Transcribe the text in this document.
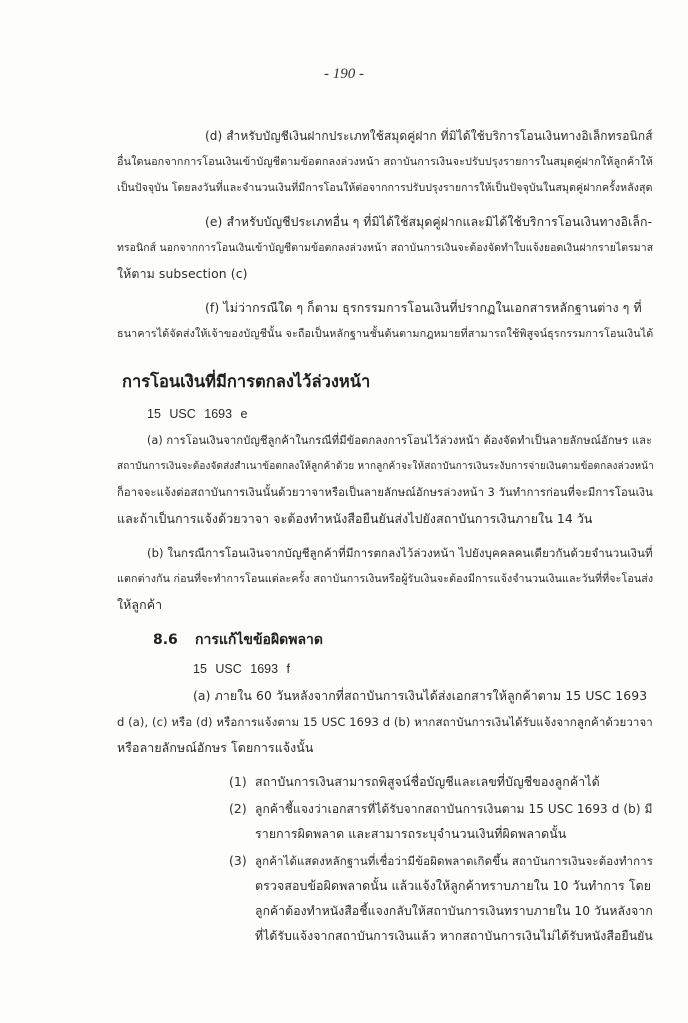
- 190 -
(d) สำหรับบัญชีเงินฝากประเภทใช้สมุดคู่ฝาก ที่มิได้ใช้บริการโอนเงินทางอิเล็กทรอนิกส์
อื่นใดนอกจากการโอนเงินเข้าบัญชีตามข้อตกลงล่วงหน้า สถาบันการเงินจะปรับปรุงรายการในสมุดคู่ฝากให้ลูกค้าให้
เป็นปัจจุบัน โดยลงวันที่และจำนวนเงินที่มีการโอนให้ต่อจากการปรับปรุงรายการให้เป็นปัจจุบันในสมุดคู่ฝากครั้งหลังสุด
(e) สำหรับบัญชีประเภทอื่น ๆ ที่มิได้ใช้สมุดคู่ฝากและมิได้ใช้บริการโอนเงินทางอิเล็ก-
ทรอนิกส์ นอกจากการโอนเงินเข้าบัญชีตามข้อตกลงล่วงหน้า สถาบันการเงินจะต้องจัดทำใบแจ้งยอดเงินฝากรายไตรมาส
ให้ตาม subsection (c)
(f) ไม่ว่ากรณีใด ๆ ก็ตาม ธุรกรรมการโอนเงินที่ปรากฏในเอกสารหลักฐานต่าง ๆ ที่
ธนาคารได้จัดส่งให้เจ้าของบัญชีนั้น จะถือเป็นหลักฐานชั้นต้นตามกฎหมายที่สามารถใช้พิสูจน์ธุรกรรมการโอนเงินได้
การโอนเงินที่มีการตกลงไว้ล่วงหน้า
15 USC 1693 e
(a) การโอนเงินจากบัญชีลูกค้าในกรณีที่มีข้อตกลงการโอนไว้ล่วงหน้า ต้องจัดทำเป็นลายลักษณ์อักษร และ
สถาบันการเงินจะต้องจัดส่งสำเนาข้อตกลงให้ลูกค้าด้วย หากลูกค้าจะให้สถาบันการเงินระงับการจ่ายเงินตามข้อตกลงล่วงหน้า
ก็อาจจะแจ้งต่อสถาบันการเงินนั้นด้วยวาจาหรือเป็นลายลักษณ์อักษรล่วงหน้า 3 วันทำการก่อนที่จะมีการโอนเงิน
และถ้าเป็นการแจ้งด้วยวาจา จะต้องทำหนังสือยืนยันส่งไปยังสถาบันการเงินภายใน 14 วัน
(b) ในกรณีการโอนเงินจากบัญชีลูกค้าที่มีการตกลงไว้ล่วงหน้า ไปยังบุคคลคนเดียวกันด้วยจำนวนเงินที่
แตกต่างกัน ก่อนที่จะทำการโอนแต่ละครั้ง สถาบันการเงินหรือผู้รับเงินจะต้องมีการแจ้งจำนวนเงินและวันที่ที่จะโอนส่ง
ให้ลูกค้า
8.6 การแก้ไขข้อผิดพลาด
15 USC 1693 f
(a) ภายใน 60 วันหลังจากที่สถาบันการเงินได้ส่งเอกสารให้ลูกค้าตาม 15 USC 1693
d (a), (c) หรือ (d) หรือการแจ้งตาม 15 USC 1693 d (b) หากสถาบันการเงินได้รับแจ้งจากลูกค้าด้วยวาจา
หรือลายลักษณ์อักษร โดยการแจ้งนั้น
(1) สถาบันการเงินสามารถพิสูจน์ชื่อบัญชีและเลขที่บัญชีของลูกค้าได้
(2) ลูกค้าชี้แจงว่าเอกสารที่ได้รับจากสถาบันการเงินตาม 15 USC 1693 d (b) มี
รายการผิดพลาด และสามารถระบุจำนวนเงินที่ผิดพลาดนั้น
(3) ลูกค้าได้แสดงหลักฐานที่เชื่อว่ามีข้อผิดพลาดเกิดขึ้น สถาบันการเงินจะต้องทำการ
ตรวจสอบข้อผิดพลาดนั้น แล้วแจ้งให้ลูกค้าทราบภายใน 10 วันทำการ โดย
ลูกค้าต้องทำหนังสือชี้แจงกลับให้สถาบันการเงินทราบภายใน 10 วันหลังจาก
ที่ได้รับแจ้งจากสถาบันการเงินแล้ว หากสถาบันการเงินไม่ได้รับหนังสือยืนยัน
